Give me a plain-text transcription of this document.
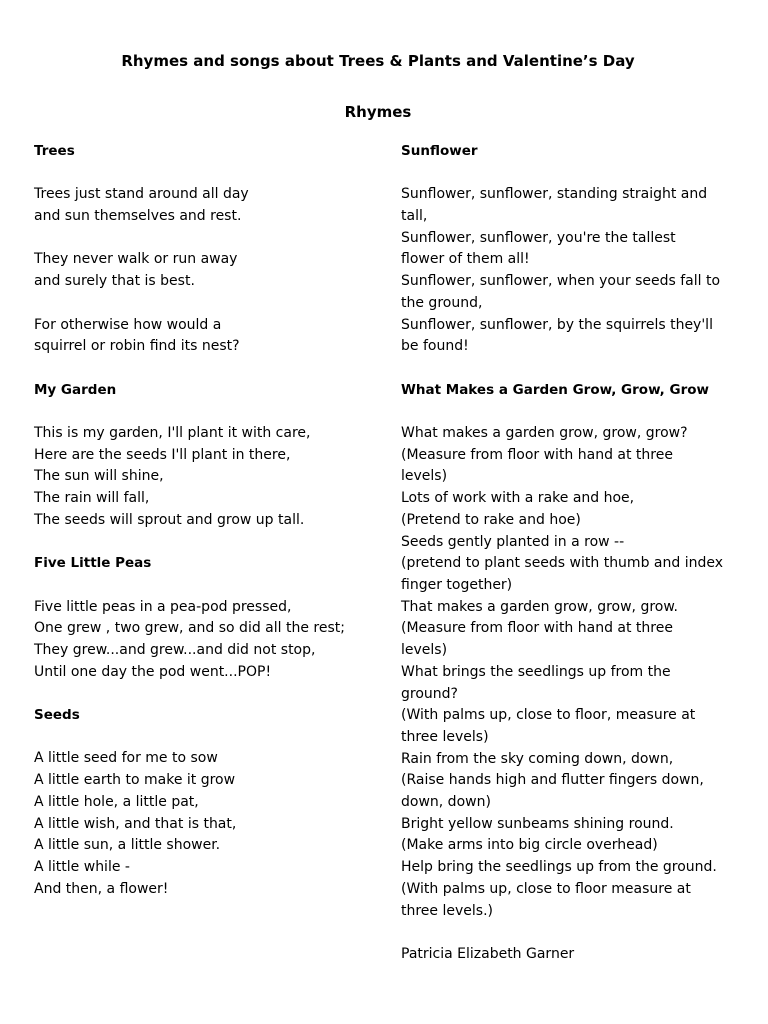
Rhymes and songs about Trees & Plants and Valentine’s Day
Rhymes
Trees
Trees just stand around all day
and sun themselves and rest.
They never walk or run away
and surely that is best.
For otherwise how would a
squirrel or robin find its nest?
My Garden
This is my garden, I'll plant it with care,
Here are the seeds I'll plant in there,
The sun will shine,
The rain will fall,
The seeds will sprout and grow up tall.
Five Little Peas
Five little peas in a pea-pod pressed,
One grew , two grew, and so did all the rest;
They grew...and grew...and did not stop,
Until one day the pod went...POP!
Seeds
A little seed for me to sow
A little earth to make it grow
A little hole, a little pat,
A little wish, and that is that,
A little sun, a little shower.
A little while -
And then, a flower!
Sunflower
Sunflower, sunflower, standing straight and
tall,
Sunflower, sunflower, you're the tallest
flower of them all!
Sunflower, sunflower, when your seeds fall to
the ground,
Sunflower, sunflower, by the squirrels they'll
be found!
What Makes a Garden Grow, Grow, Grow
What makes a garden grow, grow, grow?
(Measure from floor with hand at three
levels)
Lots of work with a rake and hoe,
(Pretend to rake and hoe)
Seeds gently planted in a row --
(pretend to plant seeds with thumb and index
finger together)
That makes a garden grow, grow, grow.
(Measure from floor with hand at three
levels)
What brings the seedlings up from the
ground?
(With palms up, close to floor, measure at
three levels)
Rain from the sky coming down, down,
(Raise hands high and flutter fingers down,
down, down)
Bright yellow sunbeams shining round.
(Make arms into big circle overhead)
Help bring the seedlings up from the ground.
(With palms up, close to floor measure at
three levels.)
Patricia Elizabeth Garner
